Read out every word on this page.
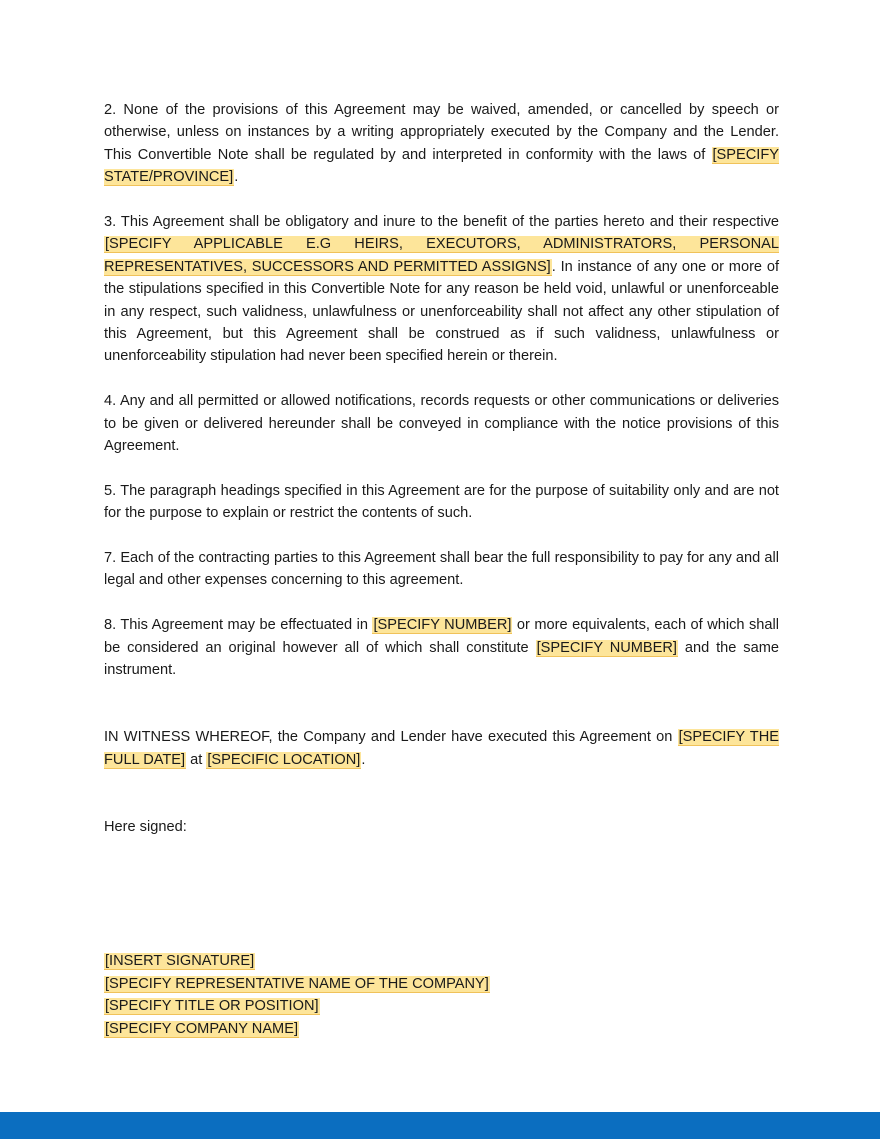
2. None of the provisions of this Agreement may be waived, amended, or cancelled by speech or otherwise, unless on instances by a writing appropriately executed by the Company and the Lender. This Convertible Note shall be regulated by and interpreted in conformity with the laws of [SPECIFY STATE/PROVINCE].

3. This Agreement shall be obligatory and inure to the benefit of the parties hereto and their respective [SPECIFY APPLICABLE E.G HEIRS, EXECUTORS, ADMINISTRATORS, PERSONAL REPRESENTATIVES, SUCCESSORS AND PERMITTED ASSIGNS]. In instance of any one or more of the stipulations specified in this Convertible Note for any reason be held void, unlawful or unenforceable in any respect, such validness, unlawfulness or unenforceability shall not affect any other stipulation of this Agreement, but this Agreement shall be construed as if such validness, unlawfulness or unenforceability stipulation had never been specified herein or therein.

4. Any and all permitted or allowed notifications, records requests or other communications or deliveries to be given or delivered hereunder shall be conveyed in compliance with the notice provisions of this Agreement.

5. The paragraph headings specified in this Agreement are for the purpose of suitability only and are not for the purpose to explain or restrict the contents of such.

7. Each of the contracting parties to this Agreement shall bear the full responsibility to pay for any and all legal and other expenses concerning to this agreement.

8. This Agreement may be effectuated in [SPECIFY NUMBER] or more equivalents, each of which shall be considered an original however all of which shall constitute [SPECIFY NUMBER] and the same instrument.

IN WITNESS WHEREOF, the Company and Lender have executed this Agreement on [SPECIFY THE FULL DATE] at [SPECIFIC LOCATION].

Here signed:

[INSERT SIGNATURE]
[SPECIFY REPRESENTATIVE NAME OF THE COMPANY]
[SPECIFY TITLE OR POSITION]
[SPECIFY COMPANY NAME]
